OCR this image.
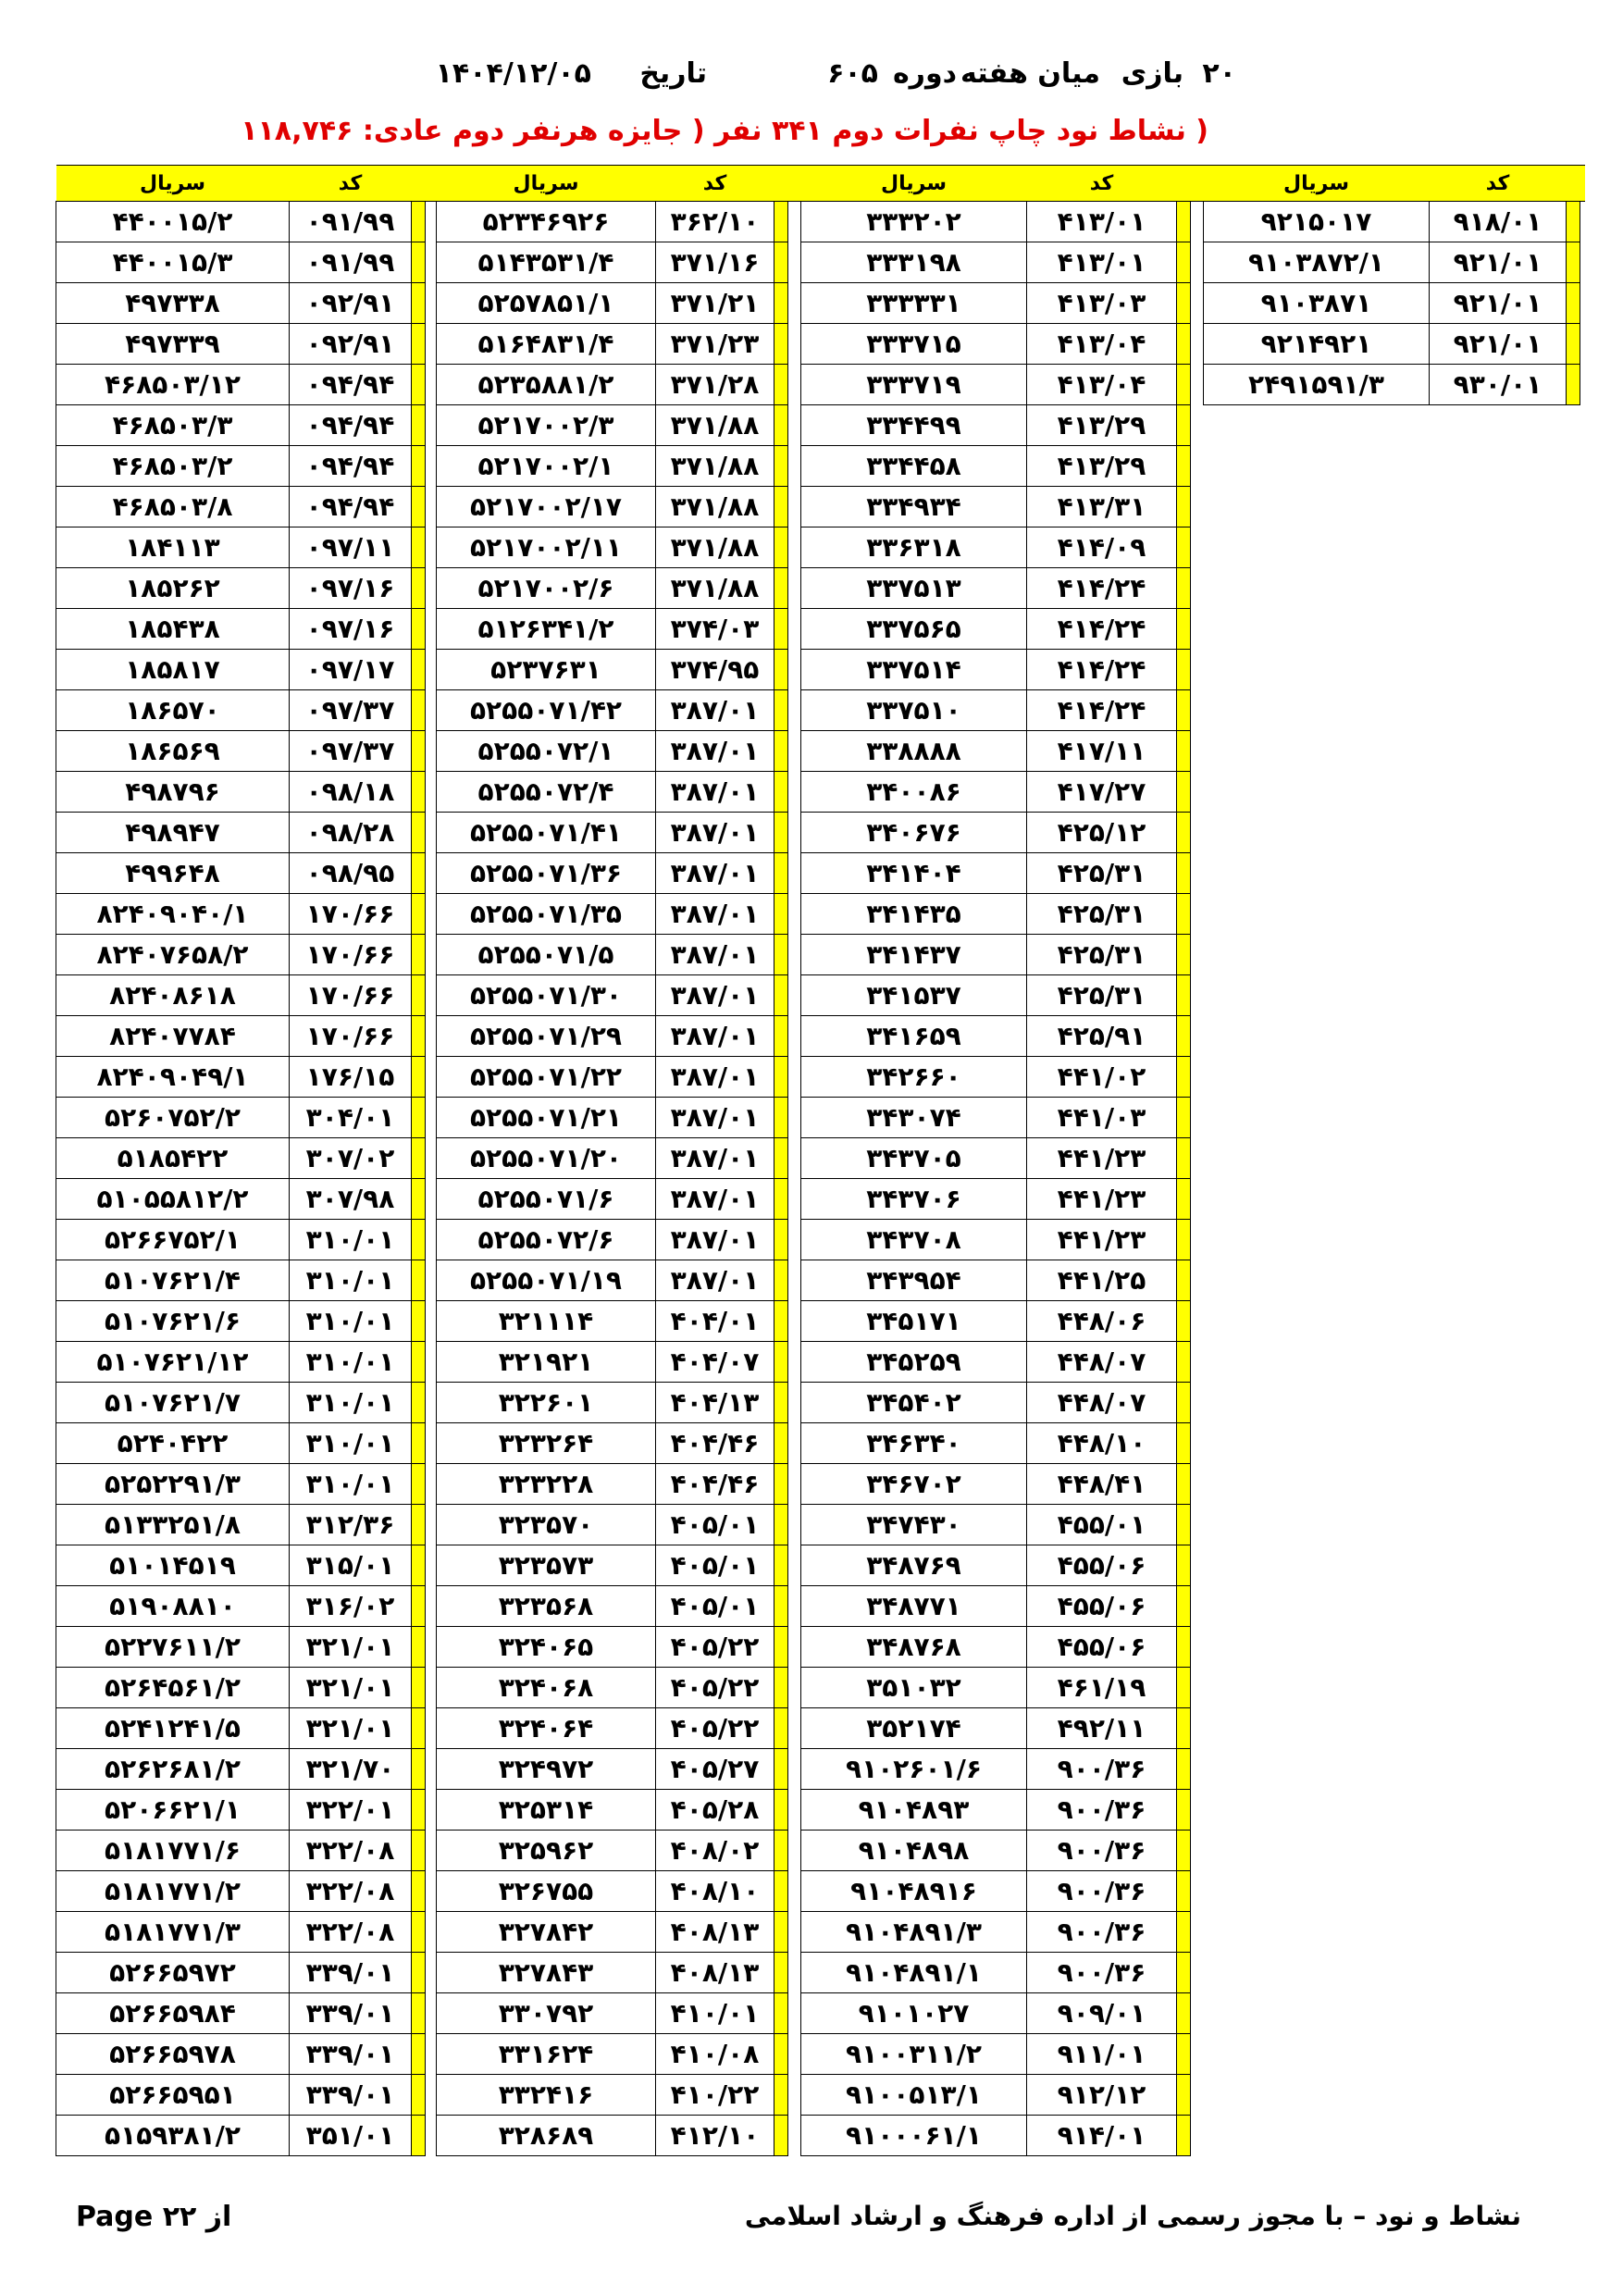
۲۰
بازی
میان هفته
دوره
۶۰۵
تاریخ
۱۴۰۴/۱۲/۰۵
( نشاط نود چاپ نفرات دوم ۳۴۱ نفر ( جایزه هرنفر دوم عادی: ۱۱۸,۷۴۶
سریال	کد			سریال	کد			سریال	کد			سریال	کد		
۴۴۰۰۱۵/۲	۰۹۱/۹۹			۵۲۳۴۶۹۲۶	۳۶۲/۱۰			۳۳۳۲۰۲	۴۱۳/۰۱			۹۲۱۵۰۱۷	۹۱۸/۰۱		
۴۴۰۰۱۵/۳	۰۹۱/۹۹			۵۱۴۳۵۳۱/۴	۳۷۱/۱۶			۳۳۳۱۹۸	۴۱۳/۰۱			۹۱۰۳۸۷۲/۱	۹۲۱/۰۱		
۴۹۷۳۳۸	۰۹۲/۹۱			۵۲۵۷۸۵۱/۱	۳۷۱/۲۱			۳۳۳۳۳۱	۴۱۳/۰۳			۹۱۰۳۸۷۱	۹۲۱/۰۱		
۴۹۷۳۳۹	۰۹۲/۹۱			۵۱۶۴۸۳۱/۴	۳۷۱/۲۳			۳۳۳۷۱۵	۴۱۳/۰۴			۹۲۱۴۹۲۱	۹۲۱/۰۱		
۴۶۸۵۰۳/۱۲	۰۹۴/۹۴			۵۲۳۵۸۸۱/۲	۳۷۱/۲۸			۳۳۳۷۱۹	۴۱۳/۰۴			۲۴۹۱۵۹۱/۳	۹۳۰/۰۱		
۴۶۸۵۰۳/۳	۰۹۴/۹۴			۵۲۱۷۰۰۲/۳	۳۷۱/۸۸			۳۳۴۴۹۹	۴۱۳/۲۹						
۴۶۸۵۰۳/۲	۰۹۴/۹۴			۵۲۱۷۰۰۲/۱	۳۷۱/۸۸			۳۳۴۴۵۸	۴۱۳/۲۹						
۴۶۸۵۰۳/۸	۰۹۴/۹۴			۵۲۱۷۰۰۲/۱۷	۳۷۱/۸۸			۳۳۴۹۳۴	۴۱۳/۳۱						
۱۸۴۱۱۳	۰۹۷/۱۱			۵۲۱۷۰۰۲/۱۱	۳۷۱/۸۸			۳۳۶۳۱۸	۴۱۴/۰۹						
۱۸۵۲۶۲	۰۹۷/۱۶			۵۲۱۷۰۰۲/۶	۳۷۱/۸۸			۳۳۷۵۱۳	۴۱۴/۲۴						
۱۸۵۴۳۸	۰۹۷/۱۶			۵۱۲۶۳۴۱/۲	۳۷۴/۰۳			۳۳۷۵۶۵	۴۱۴/۲۴						
۱۸۵۸۱۷	۰۹۷/۱۷			۵۲۳۷۶۳۱	۳۷۴/۹۵			۳۳۷۵۱۴	۴۱۴/۲۴						
۱۸۶۵۷۰	۰۹۷/۳۷			۵۲۵۵۰۷۱/۴۲	۳۸۷/۰۱			۳۳۷۵۱۰	۴۱۴/۲۴						
۱۸۶۵۶۹	۰۹۷/۳۷			۵۲۵۵۰۷۲/۱	۳۸۷/۰۱			۳۳۸۸۸۸	۴۱۷/۱۱						
۴۹۸۷۹۶	۰۹۸/۱۸			۵۲۵۵۰۷۲/۴	۳۸۷/۰۱			۳۴۰۰۸۶	۴۱۷/۲۷						
۴۹۸۹۴۷	۰۹۸/۲۸			۵۲۵۵۰۷۱/۴۱	۳۸۷/۰۱			۳۴۰۶۷۶	۴۲۵/۱۲						
۴۹۹۶۴۸	۰۹۸/۹۵			۵۲۵۵۰۷۱/۳۶	۳۸۷/۰۱			۳۴۱۴۰۴	۴۲۵/۳۱						
۸۲۴۰۹۰۴۰/۱	۱۷۰/۶۶			۵۲۵۵۰۷۱/۳۵	۳۸۷/۰۱			۳۴۱۴۳۵	۴۲۵/۳۱						
۸۲۴۰۷۶۵۸/۲	۱۷۰/۶۶			۵۲۵۵۰۷۱/۵	۳۸۷/۰۱			۳۴۱۴۳۷	۴۲۵/۳۱						
۸۲۴۰۸۶۱۸	۱۷۰/۶۶			۵۲۵۵۰۷۱/۳۰	۳۸۷/۰۱			۳۴۱۵۳۷	۴۲۵/۳۱						
۸۲۴۰۷۷۸۴	۱۷۰/۶۶			۵۲۵۵۰۷۱/۲۹	۳۸۷/۰۱			۳۴۱۶۵۹	۴۲۵/۹۱						
۸۲۴۰۹۰۴۹/۱	۱۷۶/۱۵			۵۲۵۵۰۷۱/۲۲	۳۸۷/۰۱			۳۴۲۶۶۰	۴۴۱/۰۲						
۵۲۶۰۷۵۲/۲	۳۰۴/۰۱			۵۲۵۵۰۷۱/۲۱	۳۸۷/۰۱			۳۴۳۰۷۴	۴۴۱/۰۳						
۵۱۸۵۴۲۲	۳۰۷/۰۲			۵۲۵۵۰۷۱/۲۰	۳۸۷/۰۱			۳۴۳۷۰۵	۴۴۱/۲۳						
۵۱۰۵۵۸۱۲/۲	۳۰۷/۹۸			۵۲۵۵۰۷۱/۶	۳۸۷/۰۱			۳۴۳۷۰۶	۴۴۱/۲۳						
۵۲۶۶۷۵۲/۱	۳۱۰/۰۱			۵۲۵۵۰۷۲/۶	۳۸۷/۰۱			۳۴۳۷۰۸	۴۴۱/۲۳						
۵۱۰۷۶۲۱/۴	۳۱۰/۰۱			۵۲۵۵۰۷۱/۱۹	۳۸۷/۰۱			۳۴۳۹۵۴	۴۴۱/۲۵						
۵۱۰۷۶۲۱/۶	۳۱۰/۰۱			۳۲۱۱۱۴	۴۰۴/۰۱			۳۴۵۱۷۱	۴۴۸/۰۶						
۵۱۰۷۶۲۱/۱۲	۳۱۰/۰۱			۳۲۱۹۲۱	۴۰۴/۰۷			۳۴۵۲۵۹	۴۴۸/۰۷						
۵۱۰۷۶۲۱/۷	۳۱۰/۰۱			۳۲۲۶۰۱	۴۰۴/۱۳			۳۴۵۴۰۲	۴۴۸/۰۷						
۵۲۴۰۴۲۲	۳۱۰/۰۱			۳۲۳۲۶۴	۴۰۴/۴۶			۳۴۶۳۴۰	۴۴۸/۱۰						
۵۲۵۲۲۹۱/۳	۳۱۰/۰۱			۳۲۳۲۲۸	۴۰۴/۴۶			۳۴۶۷۰۲	۴۴۸/۴۱						
۵۱۳۳۲۵۱/۸	۳۱۲/۳۶			۳۲۳۵۷۰	۴۰۵/۰۱			۳۴۷۴۳۰	۴۵۵/۰۱						
۵۱۰۱۴۵۱۹	۳۱۵/۰۱			۳۲۳۵۷۳	۴۰۵/۰۱			۳۴۸۷۶۹	۴۵۵/۰۶						
۵۱۹۰۸۸۱۰	۳۱۶/۰۲			۳۲۳۵۶۸	۴۰۵/۰۱			۳۴۸۷۷۱	۴۵۵/۰۶						
۵۲۲۷۶۱۱/۲	۳۲۱/۰۱			۳۲۴۰۶۵	۴۰۵/۲۲			۳۴۸۷۶۸	۴۵۵/۰۶						
۵۲۶۴۵۶۱/۲	۳۲۱/۰۱			۳۲۴۰۶۸	۴۰۵/۲۲			۳۵۱۰۳۲	۴۶۱/۱۹						
۵۲۴۱۲۴۱/۵	۳۲۱/۰۱			۳۲۴۰۶۴	۴۰۵/۲۲			۳۵۲۱۷۴	۴۹۲/۱۱						
۵۲۶۲۶۸۱/۲	۳۲۱/۷۰			۳۲۴۹۷۲	۴۰۵/۲۷			۹۱۰۲۶۰۱/۶	۹۰۰/۳۶						
۵۲۰۶۶۲۱/۱	۳۲۲/۰۱			۳۲۵۳۱۴	۴۰۵/۲۸			۹۱۰۴۸۹۳	۹۰۰/۳۶						
۵۱۸۱۷۷۱/۶	۳۲۲/۰۸			۳۲۵۹۶۲	۴۰۸/۰۲			۹۱۰۴۸۹۸	۹۰۰/۳۶						
۵۱۸۱۷۷۱/۲	۳۲۲/۰۸			۳۲۶۷۵۵	۴۰۸/۱۰			۹۱۰۴۸۹۱۶	۹۰۰/۳۶						
۵۱۸۱۷۷۱/۳	۳۲۲/۰۸			۳۲۷۸۴۲	۴۰۸/۱۳			۹۱۰۴۸۹۱/۳	۹۰۰/۳۶						
۵۲۶۶۵۹۷۲	۳۳۹/۰۱			۳۲۷۸۴۳	۴۰۸/۱۳			۹۱۰۴۸۹۱/۱	۹۰۰/۳۶						
۵۲۶۶۵۹۸۴	۳۳۹/۰۱			۳۳۰۷۹۲	۴۱۰/۰۱			۹۱۰۱۰۲۷	۹۰۹/۰۱						
۵۲۶۶۵۹۷۸	۳۳۹/۰۱			۳۳۱۶۲۴	۴۱۰/۰۸			۹۱۰۰۳۱۱/۲	۹۱۱/۰۱						
۵۲۶۶۵۹۵۱	۳۳۹/۰۱			۳۳۲۴۱۶	۴۱۰/۲۲			۹۱۰۰۵۱۳/۱	۹۱۲/۱۲						
۵۱۵۹۳۸۱/۲	۳۵۱/۰۱			۳۲۸۶۸۹	۴۱۲/۱۰			۹۱۰۰۰۶۱/۱	۹۱۴/۰۱						
Page ۲۲ از	نشاط و نود – با مجوز رسمی از اداره فرهنگ و ارشاد اسلامی
